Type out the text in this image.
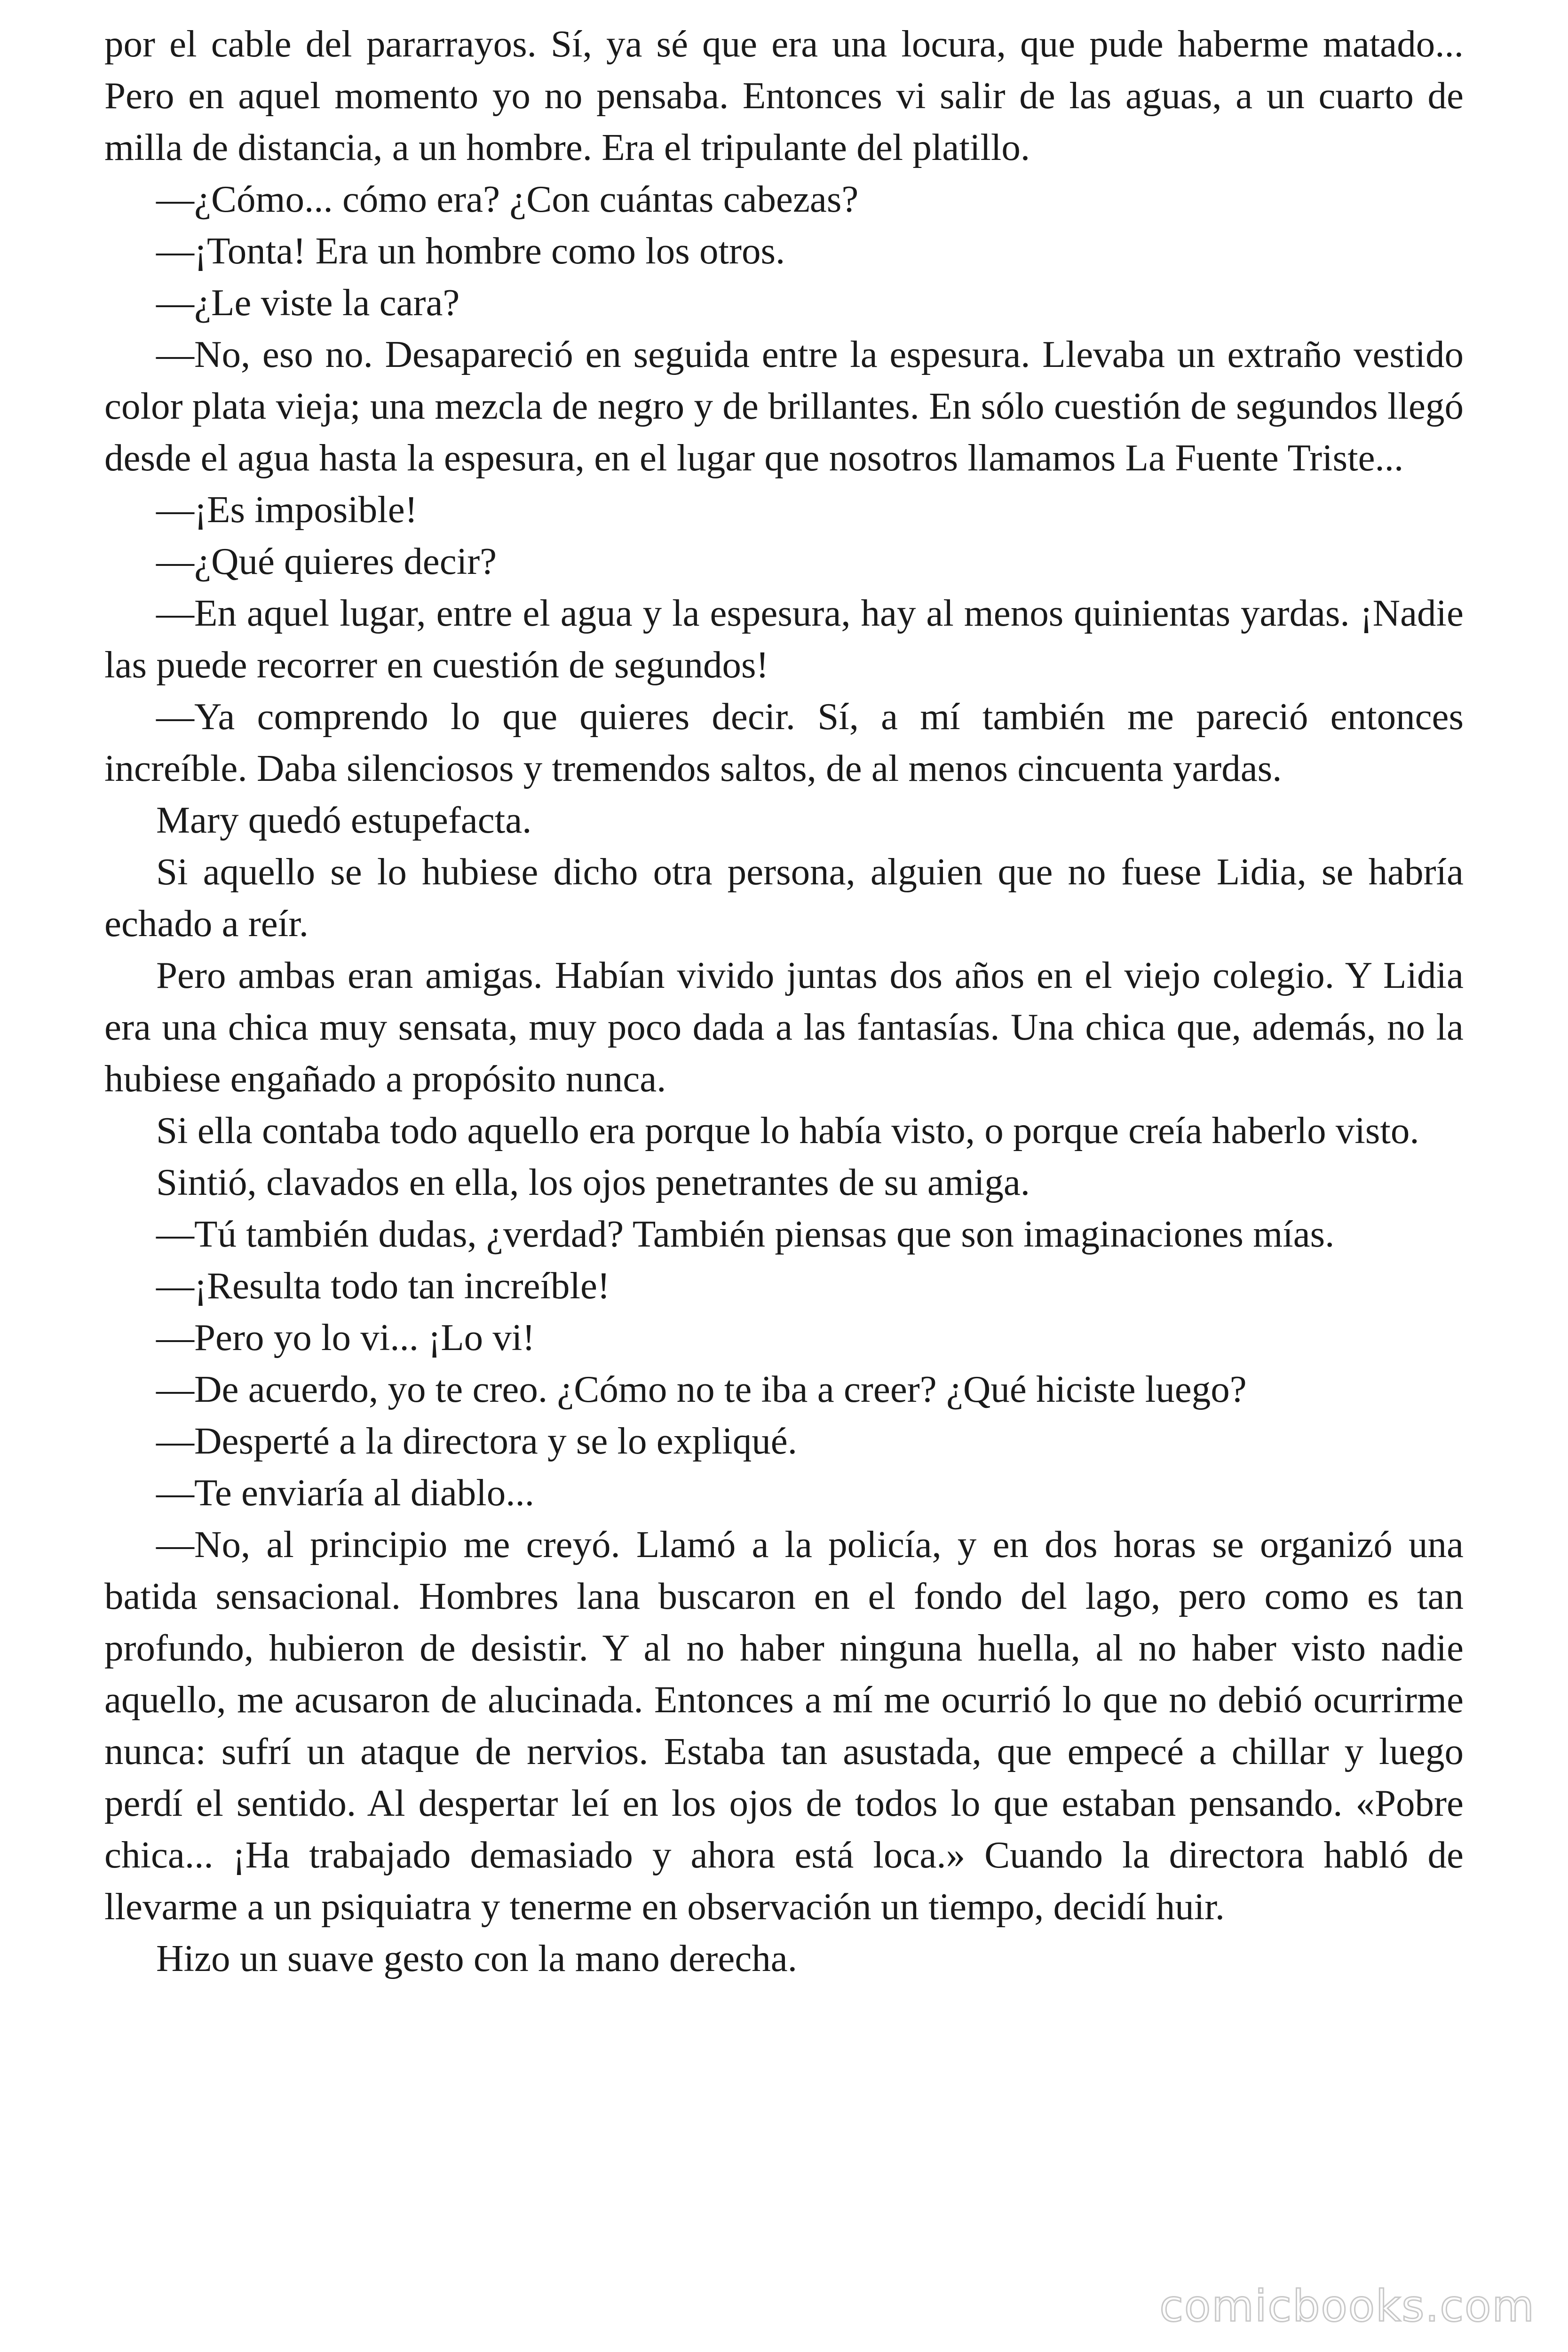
por el cable del pararrayos. Sí, ya sé que era una locura, que pude haberme matado... Pero en aquel momento yo no pensaba. Entonces vi salir de las aguas, a un cuarto de milla de distancia, a un hombre. Era el tripulante del platillo.

—¿Cómo... cómo era? ¿Con cuántas cabezas?

—¡Tonta! Era un hombre como los otros.

—¿Le viste la cara?

—No, eso no. Desapareció en seguida entre la espesura. Llevaba un extraño vestido color plata vieja; una mezcla de negro y de brillantes. En sólo cuestión de segundos llegó desde el agua hasta la espesura, en el lugar que nosotros llamamos La Fuente Triste...

—¡Es imposible!

—¿Qué quieres decir?

—En aquel lugar, entre el agua y la espesura, hay al menos quinientas yardas. ¡Nadie las puede recorrer en cuestión de segundos!

—Ya comprendo lo que quieres decir. Sí, a mí también me pareció entonces increíble. Daba silenciosos y tremendos saltos, de al menos cincuenta yardas.

Mary quedó estupefacta.

Si aquello se lo hubiese dicho otra persona, alguien que no fuese Lidia, se habría echado a reír.

Pero ambas eran amigas. Habían vivido juntas dos años en el viejo colegio. Y Lidia era una chica muy sensata, muy poco dada a las fantasías. Una chica que, además, no la hubiese engañado a propósito nunca.

Si ella contaba todo aquello era porque lo había visto, o porque creía haberlo visto.

Sintió, clavados en ella, los ojos penetrantes de su amiga.

—Tú también dudas, ¿verdad? También piensas que son imaginaciones mías.

—¡Resulta todo tan increíble!

—Pero yo lo vi... ¡Lo vi!

—De acuerdo, yo te creo. ¿Cómo no te iba a creer? ¿Qué hiciste luego?

—Desperté a la directora y se lo expliqué.

—Te enviaría al diablo...

—No, al principio me creyó. Llamó a la policía, y en dos horas se organizó una batida sensacional. Hombres lana buscaron en el fondo del lago, pero como es tan profundo, hubieron de desistir. Y al no haber ninguna huella, al no haber visto nadie aquello, me acusaron de alucinada. Entonces a mí me ocurrió lo que no debió ocurrirme nunca: sufrí un ataque de nervios. Estaba tan asustada, que empecé a chillar y luego perdí el sentido. Al despertar leí en los ojos de todos lo que estaban pensando. «Pobre chica... ¡Ha trabajado demasiado y ahora está loca.» Cuando la directora habló de llevarme a un psiquiatra y tenerme en observación un tiempo, decidí huir.

Hizo un suave gesto con la mano derecha.

comicbooks.com
